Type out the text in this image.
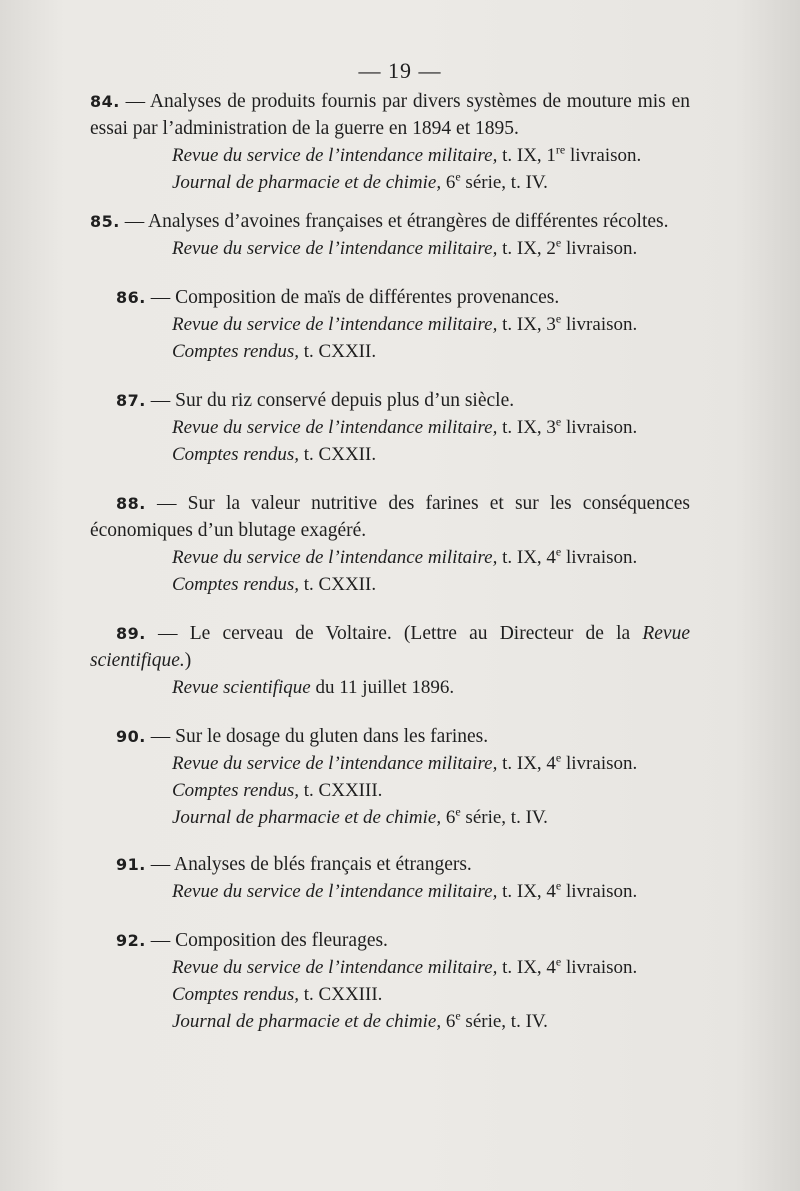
— 19 —

84. — Analyses de produits fournis par divers systèmes de mouture mis en essai par l’administration de la guerre en 1894 et 1895.

Revue du service de l’intendance militaire, t. IX, 1re livraison.
Journal de pharmacie et de chimie, 6e série, t. IV.

85. — Analyses d’avoines françaises et étrangères de différentes récoltes.

Revue du service de l’intendance militaire, t. IX, 2e livraison.

86. — Composition de maïs de différentes provenances.

Revue du service de l’intendance militaire, t. IX, 3e livraison.
Comptes rendus, t. CXXII.

87. — Sur du riz conservé depuis plus d’un siècle.

Revue du service de l’intendance militaire, t. IX, 3e livraison.
Comptes rendus, t. CXXII.

88. — Sur la valeur nutritive des farines et sur les conséquences économiques d’un blutage exagéré.

Revue du service de l’intendance militaire, t. IX, 4e livraison.
Comptes rendus, t. CXXII.

89. — Le cerveau de Voltaire. (Lettre au Directeur de la Revue scientifique.)

Revue scientifique du 11 juillet 1896.

90. — Sur le dosage du gluten dans les farines.

Revue du service de l’intendance militaire, t. IX, 4e livraison.
Comptes rendus, t. CXXIII.
Journal de pharmacie et de chimie, 6e série, t. IV.

91. — Analyses de blés français et étrangers.

Revue du service de l’intendance militaire, t. IX, 4e livraison.

92. — Composition des fleurages.

Revue du service de l’intendance militaire, t. IX, 4e livraison.
Comptes rendus, t. CXXIII.
Journal de pharmacie et de chimie, 6e série, t. IV.
